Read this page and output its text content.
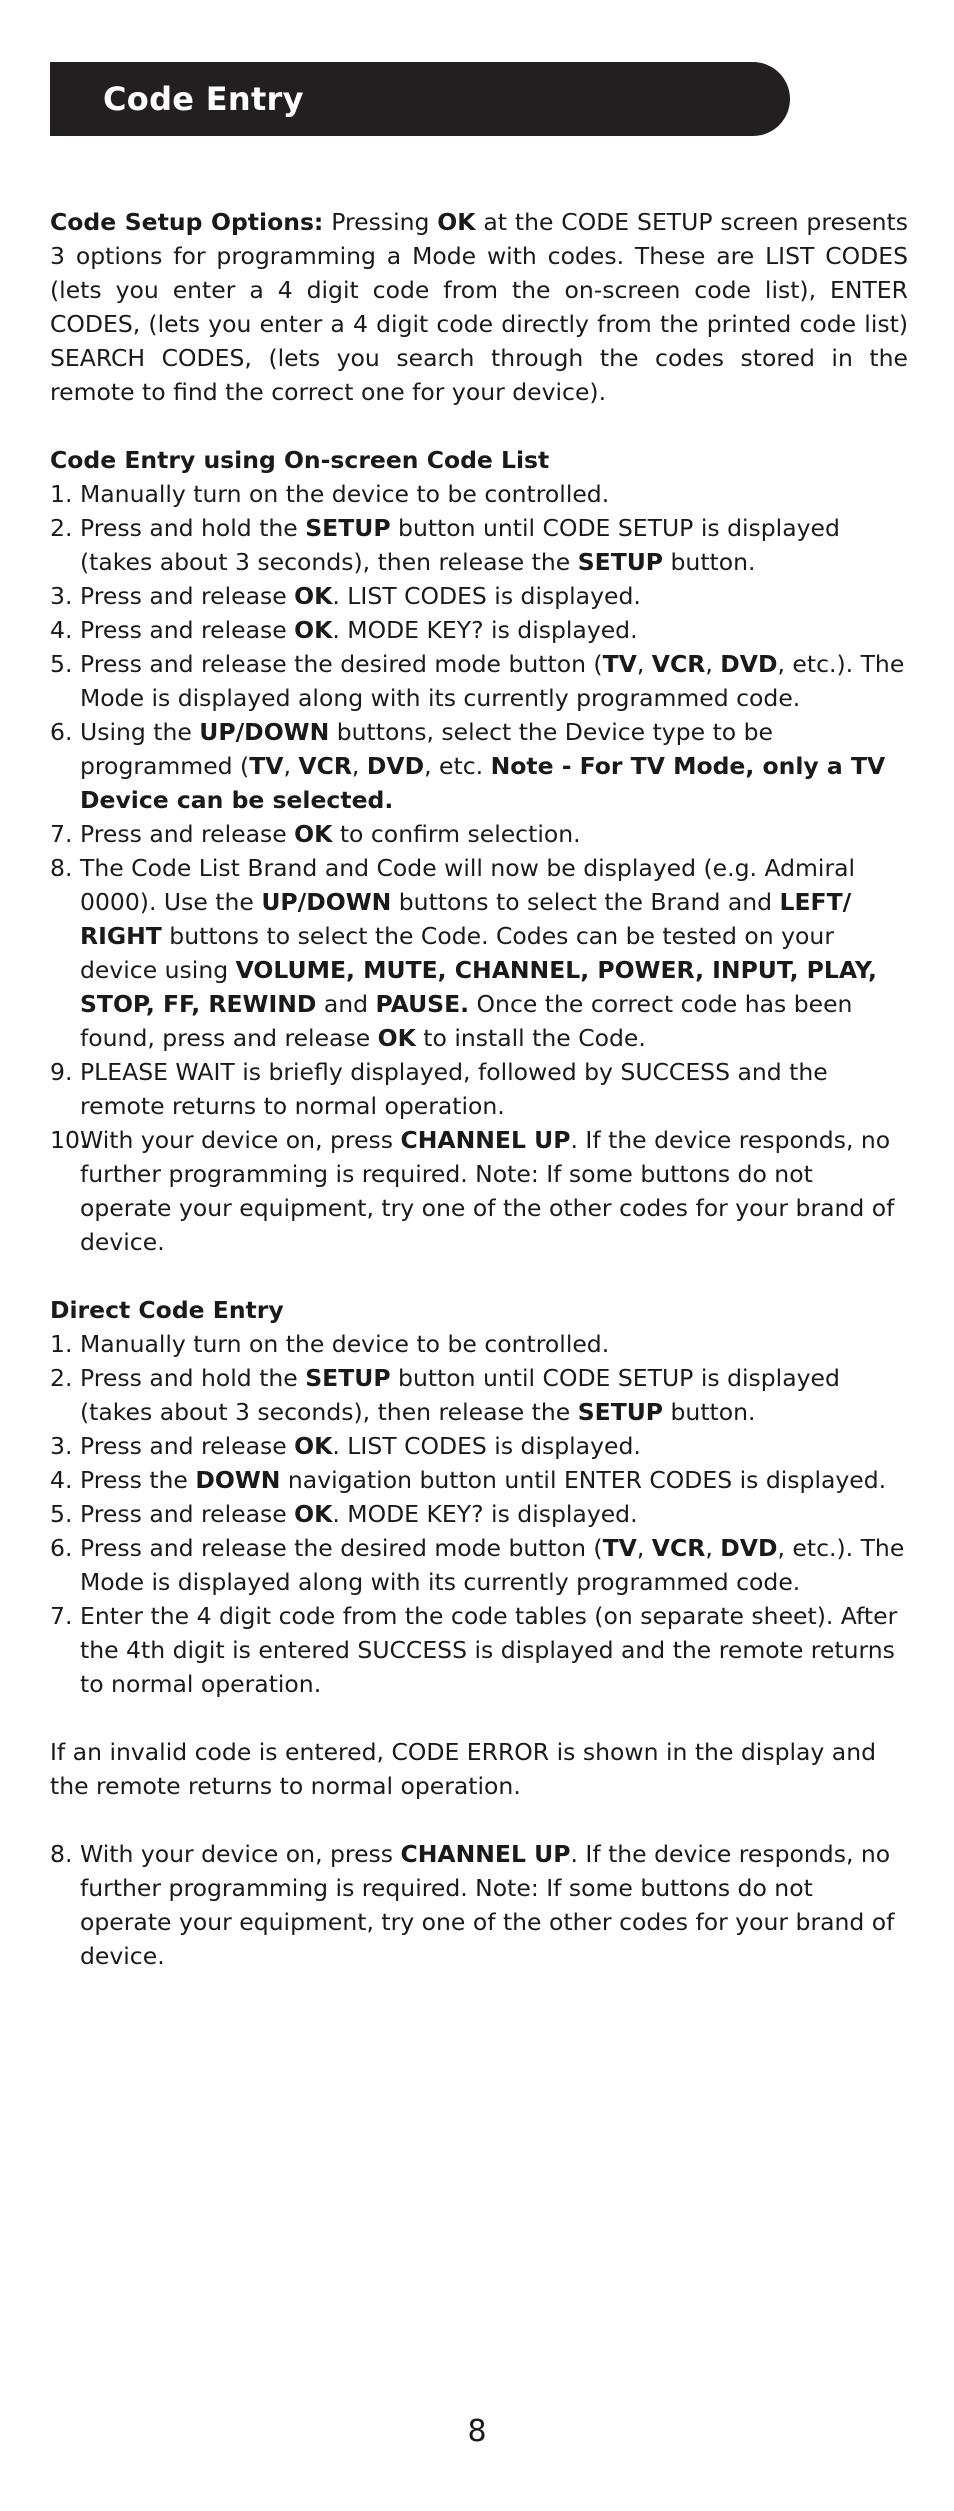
Code Entry

Code Setup Options: Pressing OK at the CODE SETUP screen presents 3 options for programming a Mode with codes. These are LIST CODES (lets you enter a 4 digit code from the on-screen code list), ENTER CODES, (lets you enter a 4 digit code directly from the printed code list) SEARCH CODES, (lets you search through the codes stored in the remote to find the correct one for your device).

Code Entry using On-screen Code List

1. Manually turn on the device to be controlled.
2. Press and hold the SETUP button until CODE SETUP is displayed (takes about 3 seconds), then release the SETUP button.
3. Press and release OK. LIST CODES is displayed.
4. Press and release OK. MODE KEY? is displayed.
5. Press and release the desired mode button (TV, VCR, DVD, etc.). The Mode is displayed along with its currently programmed code.
6. Using the UP/DOWN buttons, select the Device type to be programmed (TV, VCR, DVD, etc. Note - For TV Mode, only a TV Device can be selected.
7. Press and release OK to confirm selection.
8. The Code List Brand and Code will now be displayed (e.g. Admiral 0000). Use the UP/DOWN buttons to select the Brand and LEFT/ RIGHT buttons to select the Code. Codes can be tested on your device using VOLUME, MUTE, CHANNEL, POWER, INPUT, PLAY, STOP, FF, REWIND and PAUSE. Once the correct code has been found, press and release OK to install the Code.
9. PLEASE WAIT is briefly displayed, followed by SUCCESS and the remote returns to normal operation.
10.
With your device on, press CHANNEL UP. If the device responds, no further programming is required. Note: If some buttons do not operate your equipment, try one of the other codes for your brand of device.

Direct Code Entry

1. Manually turn on the device to be controlled.
2. Press and hold the SETUP button until CODE SETUP is displayed (takes about 3 seconds), then release the SETUP button.
3. Press and release OK. LIST CODES is displayed.
4. Press the DOWN navigation button until ENTER CODES is displayed.
5. Press and release OK. MODE KEY? is displayed.
6. Press and release the desired mode button (TV, VCR, DVD, etc.). The Mode is displayed along with its currently programmed code.
7. Enter the 4 digit code from the code tables (on separate sheet). After the 4th digit is entered SUCCESS is displayed and the remote returns to normal operation.

If an invalid code is entered, CODE ERROR is shown in the display and the remote returns to normal operation.

8. With your device on, press CHANNEL UP. If the device responds, no further programming is required. Note: If some buttons do not operate your equipment, try one of the other codes for your brand of device.
8
